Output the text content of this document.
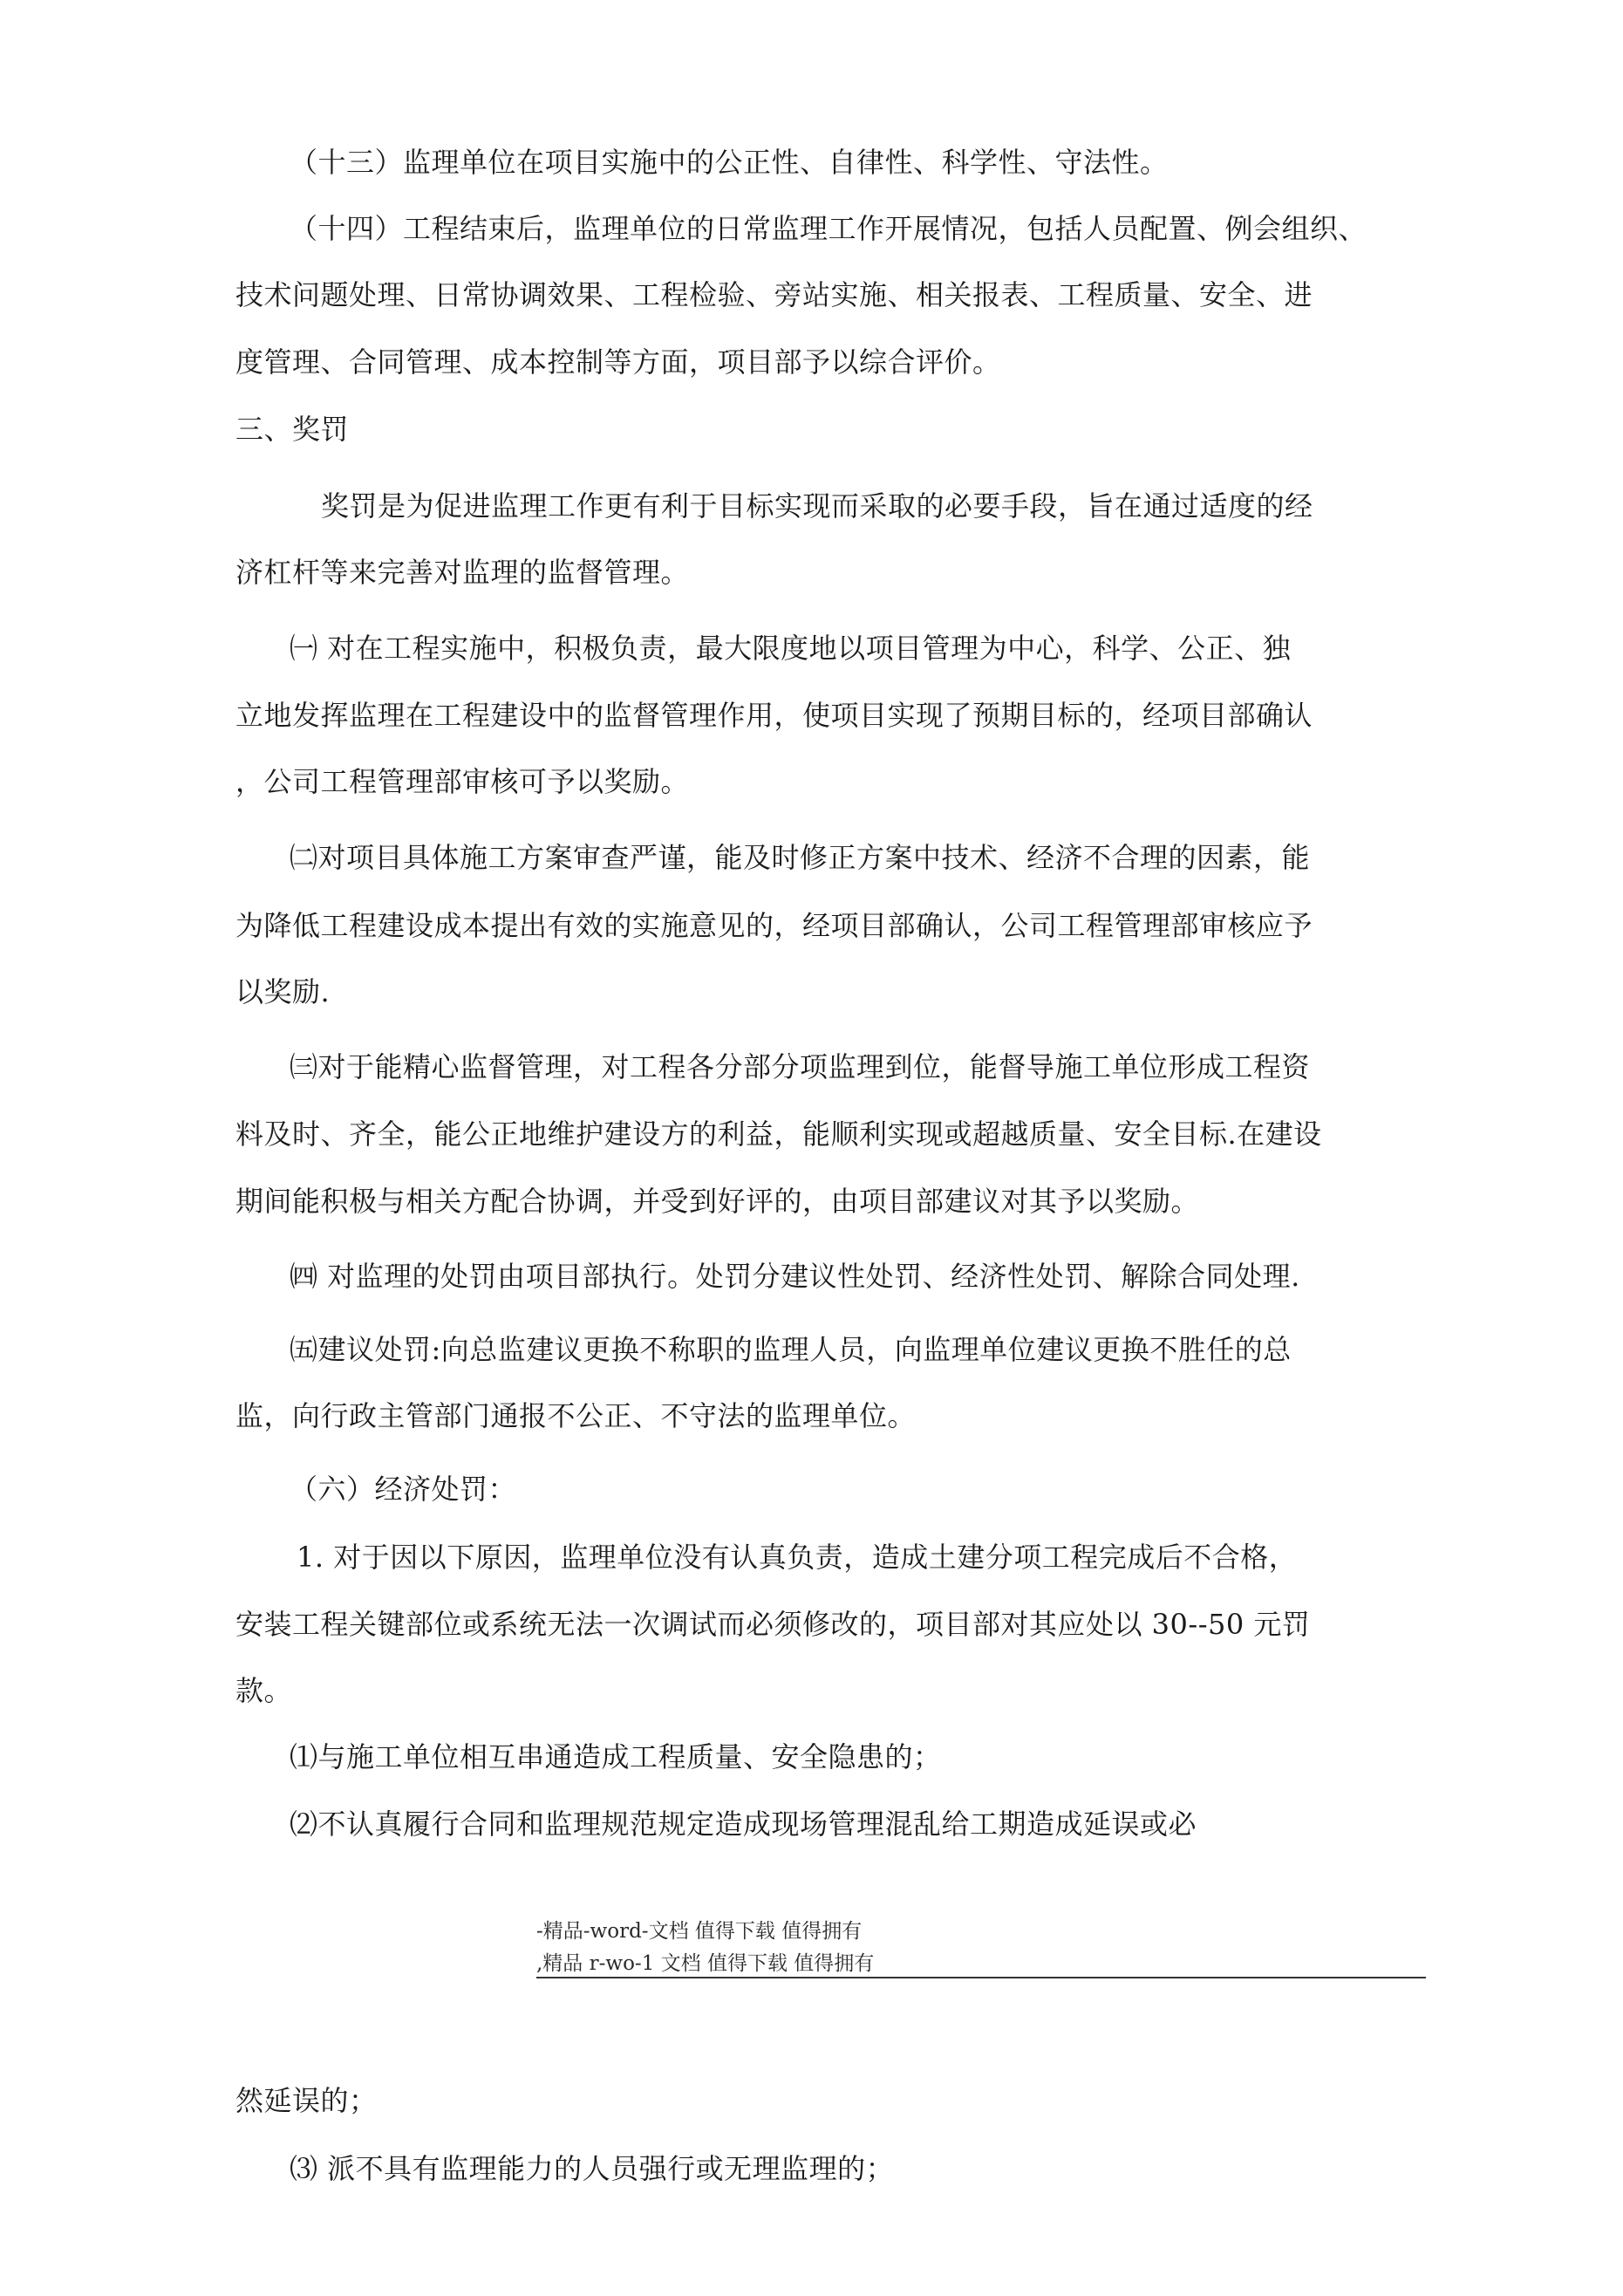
（十三）监理单位在项目实施中的公正性、自律性、科学性、守法性。

（十四）工程结束后，监理单位的日常监理工作开展情况，包括人员配置、例会组织、

技术问题处理、日常协调效果、工程检验、旁站实施、相关报表、工程质量、安全、进

度管理、合同管理、成本控制等方面，项目部予以综合评价。

三、奖罚

奖罚是为促进监理工作更有利于目标实现而采取的必要手段，旨在通过适度的经

济杠杆等来完善对监理的监督管理。

㈠ 对在工程实施中，积极负责，最大限度地以项目管理为中心，科学、公正、独

立地发挥监理在工程建设中的监督管理作用，使项目实现了预期目标的，经项目部确认

，公司工程管理部审核可予以奖励。

㈡对项目具体施工方案审查严谨，能及时修正方案中技术、经济不合理的因素，能

为降低工程建设成本提出有效的实施意见的，经项目部确认，公司工程管理部审核应予

以奖励.

㈢对于能精心监督管理，对工程各分部分项监理到位，能督导施工单位形成工程资

料及时、齐全，能公正地维护建设方的利益，能顺利实现或超越质量、安全目标.在建设

期间能积极与相关方配合协调，并受到好评的，由项目部建议对其予以奖励。

㈣ 对监理的处罚由项目部执行。处罚分建议性处罚、经济性处罚、解除合同处理.

㈤建议处罚:向总监建议更换不称职的监理人员，向监理单位建议更换不胜任的总

监，向行政主管部门通报不公正、不守法的监理单位。

（六）经济处罚：

1. 对于因以下原因，监理单位没有认真负责，造成土建分项工程完成后不合格，

安装工程关键部位或系统无法一次调试而必须修改的，项目部对其应处以 30--50 元罚

款。

⑴与施工单位相互串通造成工程质量、安全隐患的；

⑵不认真履行合同和监理规范规定造成现场管理混乱给工期造成延误或必

-精品-word-文档 值得下载 值得拥有

,精品 r-wo-1 文档 值得下载 值得拥有

然延误的；

⑶ 派不具有监理能力的人员强行或无理监理的；
